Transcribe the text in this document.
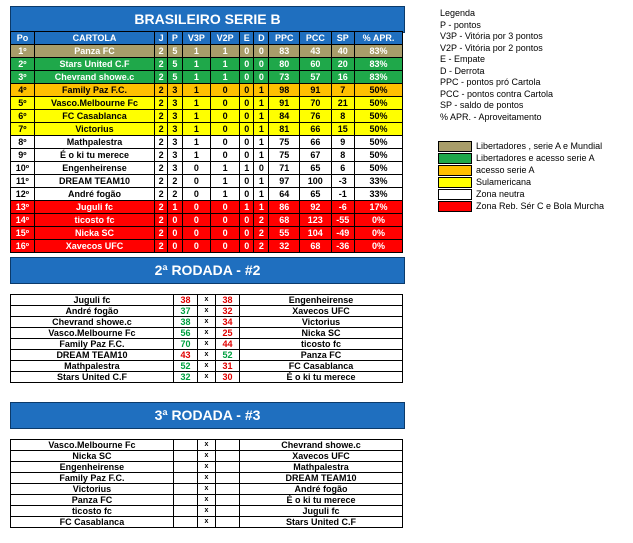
BRASILEIRO SERIE B
Po	CARTOLA	J	P	V3P	V2P	E	D	PPC	PCC	SP	% APR.
1º	Panza FC	2	5	1	1	0	0	83	43	40	83%
2º	Stars United C.F	2	5	1	1	0	0	80	60	20	83%
3º	Chevrand showe.c	2	5	1	1	0	0	73	57	16	83%
4º	Family Paz F.C.	2	3	1	0	0	1	98	91	7	50%
5º	Vasco.Melbourne Fc	2	3	1	0	0	1	91	70	21	50%
6º	FC Casablanca	2	3	1	0	0	1	84	76	8	50%
7º	Victorius	2	3	1	0	0	1	81	66	15	50%
8º	Mathpalestra	2	3	1	0	0	1	75	66	9	50%
9º	É o ki tu merece	2	3	1	0	0	1	75	67	8	50%
10º	Engenheirense	2	3	0	1	1	0	71	65	6	50%
11º	DREAM TEAM10	2	2	0	1	0	1	97	100	-3	33%
12º	André fogão	2	2	0	1	0	1	64	65	-1	33%
13º	Juguli fc	2	1	0	0	1	1	86	92	-6	17%
14º	ticosto fc	2	0	0	0	0	2	68	123	-55	0%
15º	Nicka SC	2	0	0	0	0	2	55	104	-49	0%
16º	Xavecos UFC	2	0	0	0	0	2	32	68	-36	0%
2ª RODADA - #2
Juguli fc	38	x	38	Engenheirense
André fogão	37	x	32	Xavecos UFC
Chevrand showe.c	38	x	34	Victorius
Vasco.Melbourne Fc	56	x	25	Nicka SC
Family Paz F.C.	70	x	44	ticosto fc
DREAM TEAM10	43	x	52	Panza FC
Mathpalestra	52	x	31	FC Casablanca
Stars United C.F	32	x	30	É o ki tu merece
3ª RODADA - #3
Vasco.Melbourne Fc		x		Chevrand showe.c
Nicka SC		x		Xavecos UFC
Engenheirense		x		Mathpalestra
Family Paz F.C.		x		DREAM TEAM10
Victorius		x		André fogão
Panza FC		x		É o ki tu merece
ticosto fc		x		Juguli fc
FC Casablanca		x		Stars United C.F
Legenda
P - pontos
V3P - Vitória por 3 pontos
V2P - Vitória por 2 pontos
E - Empate
D - Derrota
PPC - pontos pró Cartola
PCC - pontos contra Cartola
SP - saldo de pontos
% APR. - Aproveitamento
Libertadores , serie A e Mundial
Libertadores e acesso serie A
acesso serie A
Sulamericana
Zona neutra
Zona Reb. Sér C e Bola Murcha
